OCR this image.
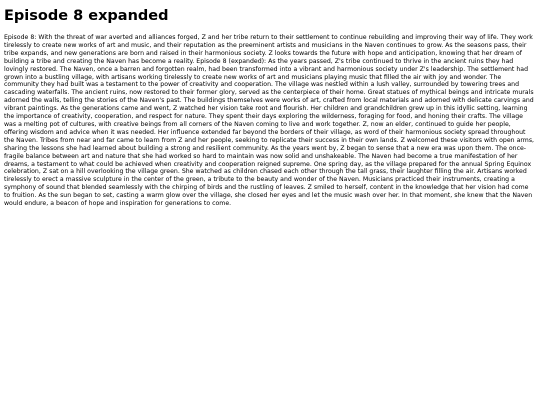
Episode 8 expanded

Episode 8: With the threat of war averted and alliances forged, Z and her tribe return to their settlement to continue rebuilding and improving their way of life. They work tirelessly to create new works of art and music, and their reputation as the preeminent artists and musicians in the Naven continues to grow. As the seasons pass, their tribe expands, and new generations are born and raised in their harmonious society. Z looks towards the future with hope and anticipation, knowing that her dream of building a tribe and creating the Naven has become a reality. Episode 8 (expanded): As the years passed, Z's tribe continued to thrive in the ancient ruins they had lovingly restored. The Naven, once a barren and forgotten realm, had been transformed into a vibrant and harmonious society under Z's leadership. The settlement had grown into a bustling village, with artisans working tirelessly to create new works of art and musicians playing music that filled the air with joy and wonder. The community they had built was a testament to the power of creativity and cooperation. The village was nestled within a lush valley, surrounded by towering trees and cascading waterfalls. The ancient ruins, now restored to their former glory, served as the centerpiece of their home. Great statues of mythical beings and intricate murals adorned the walls, telling the stories of the Naven's past. The buildings themselves were works of art, crafted from local materials and adorned with delicate carvings and vibrant paintings. As the generations came and went, Z watched her vision take root and flourish. Her children and grandchildren grew up in this idyllic setting, learning the importance of creativity, cooperation, and respect for nature. They spent their days exploring the wilderness, foraging for food, and honing their crafts. The village was a melting pot of cultures, with creative beings from all corners of the Naven coming to live and work together. Z, now an elder, continued to guide her people, offering wisdom and advice when it was needed. Her influence extended far beyond the borders of their village, as word of their harmonious society spread throughout the Naven. Tribes from near and far came to learn from Z and her people, seeking to replicate their success in their own lands. Z welcomed these visitors with open arms, sharing the lessons she had learned about building a strong and resilient community. As the years went by, Z began to sense that a new era was upon them. The once-fragile balance between art and nature that she had worked so hard to maintain was now solid and unshakeable. The Naven had become a true manifestation of her dreams, a testament to what could be achieved when creativity and cooperation reigned supreme. One spring day, as the village prepared for the annual Spring Equinox celebration, Z sat on a hill overlooking the village green. She watched as children chased each other through the tall grass, their laughter filling the air. Artisans worked tirelessly to erect a massive sculpture in the center of the green, a tribute to the beauty and wonder of the Naven. Musicians practiced their instruments, creating a symphony of sound that blended seamlessly with the chirping of birds and the rustling of leaves. Z smiled to herself, content in the knowledge that her vision had come to fruition. As the sun began to set, casting a warm glow over the village, she closed her eyes and let the music wash over her. In that moment, she knew that the Naven would endure, a beacon of hope and inspiration for generations to come.
